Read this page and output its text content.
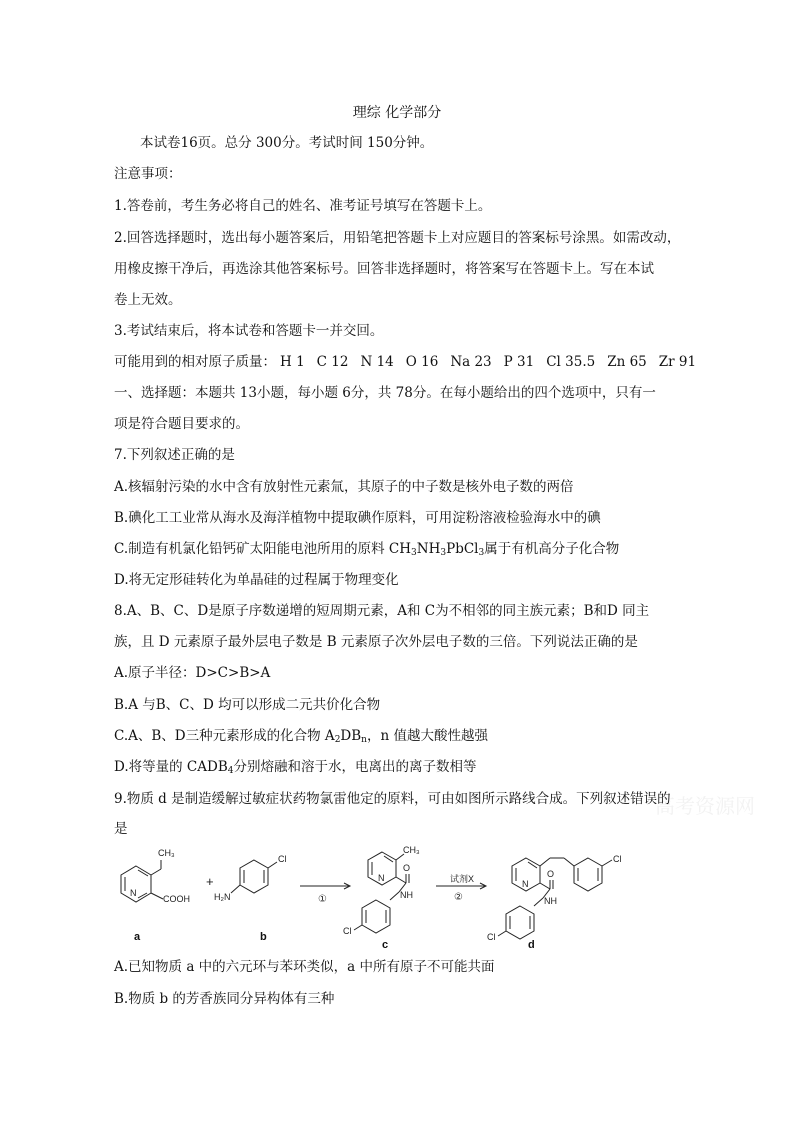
理综 化学部分
本试卷16页。总分 300分。考试时间 150分钟。
注意事项：
1.答卷前，考生务必将自己的姓名、准考证号填写在答题卡上。
2.回答选择题时，选出每小题答案后，用铅笔把答题卡上对应题目的答案标号涂黑。如需改动，
用橡皮擦干净后，再选涂其他答案标号。回答非选择题时，将答案写在答题卡上。写在本试
卷上无效。
3.考试结束后，将本试卷和答题卡一并交回。
可能用到的相对原子质量： H 1 C 12 N 14 O 16 Na 23 P 31 Cl 35.5 Zn 65 Zr 91
一、选择题：本题共 13小题，每小题 6分，共 78分。在每小题给出的四个选项中，只有一
项是符合题目要求的。
7.下列叙述正确的是
A.核辐射污染的水中含有放射性元素氚，其原子的中子数是核外电子数的两倍
B.碘化工工业常从海水及海洋植物中提取碘作原料，可用淀粉溶液检验海水中的碘
C.制造有机氯化铅钙矿太阳能电池所用的原料 $CH_3NH_3PbCl_3$属于有机高分子化合物
D.将无定形硅转化为单晶硅的过程属于物理变化
8.A、B、C、D是原子序数递增的短周期元素，A和 C为不相邻的同主族元素；B和D 同主
族，且 D 元素原子最外层电子数是 B 元素原子次外层电子数的三倍。下列说法正确的是
A.原子半径：D>C>B>A
B.A 与B、C、D 均可以形成二元共价化合物
C.A、B、D三种元素形成的化合物 $A_2DB_n$，n 值越大酸性越强
D.将等量的 $CADB_4$分别熔融和溶于水，电离出的离子数相等
高考资源网
9.物质 d 是制造缓解过敏症状药物氯雷他定的原料，可由如图所示路线合成。下列叙述错误的
是
N
CH₃
COOH
+
Cl
H₂N	①
N
CH₃
O
NH
Cl
试剂X
②
N
Cl
O
NH
Cl
a	b
c	d
A.已知物质 a 中的六元环与苯环类似，a 中所有原子不可能共面
B.物质 b 的芳香族同分异构体有三种
